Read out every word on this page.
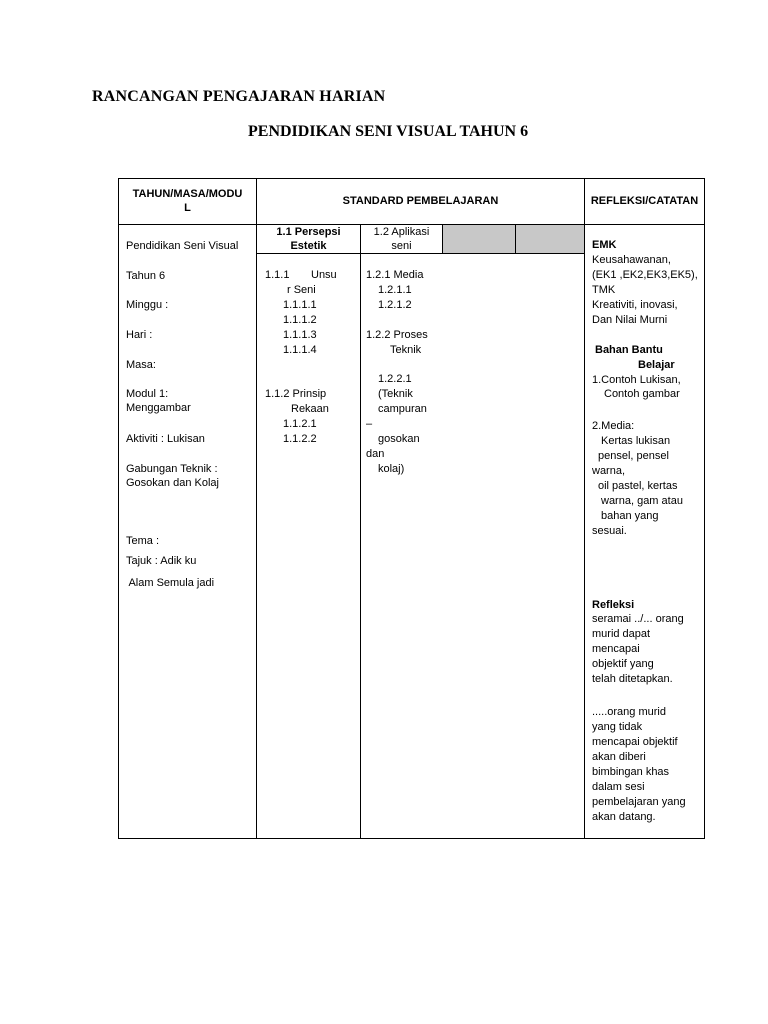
RANCANGAN PENGAJARAN HARIAN
PENDIDIKAN SENI VISUAL TAHUN 6
TAHUN/MASA/MODU
L
STANDARD PEMBELAJARAN	REFLEKSI/CATATAN
1.1 Persepsi
Estetik
1.2 Aplikasi
seni
Pendidikan Seni Visual
Tahun 6
Minggu :
Hari :
Masa:
Modul 1:
Menggambar
Aktiviti : Lukisan
Gabungan Teknik :
Gosokan dan Kolaj

Tema :

Alam Semula jadi

Tajuk : Adik ku
1.1.1 Unsu
r Seni
1.1.1.1
1.1.1.2
1.1.1.3
1.1.1.4
1.1.2 Prinsip
Rekaan
1.1.2.1
1.1.2.2
1.2.1 Media
1.2.1.1
1.2.1.2
1.2.2 Proses
Teknik
1.2.2.1
(Teknik
campuran
–
gosokan
dan
kolaj)
EMK
Keusahawanan,
(EK1 ,EK2,EK3,EK5),
TMK
Kreativiti, inovasi,
Dan Nilai Murni
Bahan Bantu
Belajar
1.Contoh Lukisan,
Contoh gambar
2.Media:
Kertas lukisan
pensel, pensel
warna,
oil pastel, kertas
warna, gam atau
bahan yang
sesuai.
Refleksi
seramai ../... orang
murid dapat
mencapai
objektif yang
telah ditetapkan.
.....orang murid
yang tidak
mencapai objektif
akan diberi
bimbingan khas
dalam sesi
pembelajaran yang
akan datang.
